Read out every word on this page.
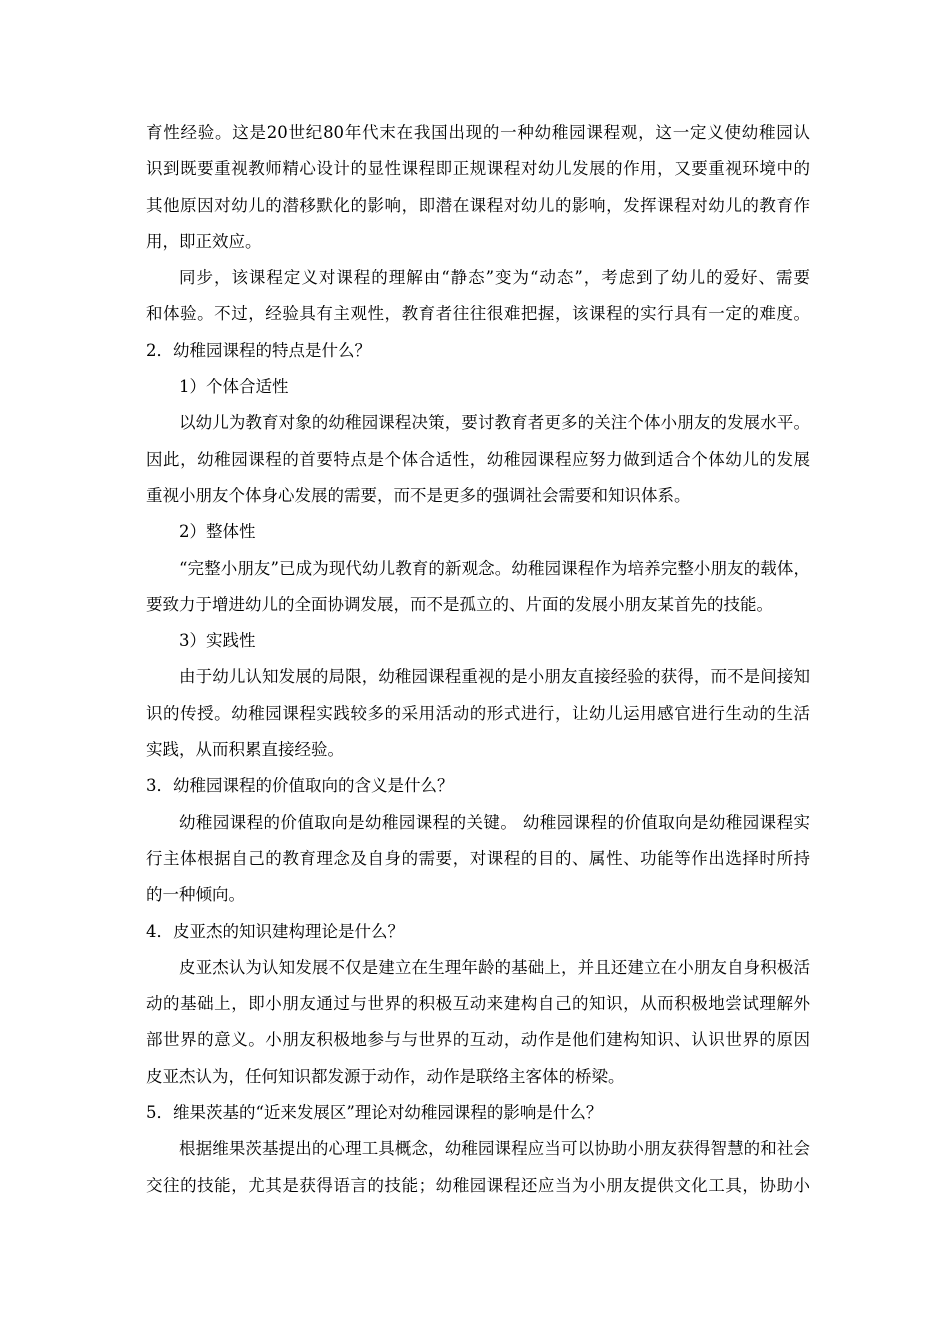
育性经验。这是20世纪80年代末在我国出现的一种幼稚园课程观，这一定义使幼稚园认
识到既要重视教师精心设计的显性课程即正规课程对幼儿发展的作用，又要重视环境中的
其他原因对幼儿的潜移默化的影响，即潜在课程对幼儿的影响，发挥课程对幼儿的教育作
用，即正效应。
同步，该课程定义对课程的理解由“静态”变为“动态”，考虑到了幼儿的爱好、需要
和体验。不过，经验具有主观性，教育者往往很难把握，该课程的实行具有一定的难度。
2．幼稚园课程的特点是什么？
1）个体合适性
以幼儿为教育对象的幼稚园课程决策，要讨教育者更多的关注个体小朋友的发展水平。
因此，幼稚园课程的首要特点是个体合适性，幼稚园课程应努力做到适合个体幼儿的发展
重视小朋友个体身心发展的需要，而不是更多的强调社会需要和知识体系。
2）整体性
“完整小朋友”已成为现代幼儿教育的新观念。幼稚园课程作为培养完整小朋友的载体，
要致力于增进幼儿的全面协调发展，而不是孤立的、片面的发展小朋友某首先的技能。
3）实践性
由于幼儿认知发展的局限，幼稚园课程重视的是小朋友直接经验的获得，而不是间接知
识的传授。幼稚园课程实践较多的采用活动的形式进行，让幼儿运用感官进行生动的生活
实践，从而积累直接经验。
3．幼稚园课程的价值取向的含义是什么？
幼稚园课程的价值取向是幼稚园课程的关键。 幼稚园课程的价值取向是幼稚园课程实
行主体根据自己的教育理念及自身的需要，对课程的目的、属性、功能等作出选择时所持
的一种倾向。
4．皮亚杰的知识建构理论是什么？
皮亚杰认为认知发展不仅是建立在生理年龄的基础上，并且还建立在小朋友自身积极活
动的基础上，即小朋友通过与世界的积极互动来建构自己的知识，从而积极地尝试理解外
部世界的意义。小朋友积极地参与与世界的互动，动作是他们建构知识、认识世界的原因
皮亚杰认为，任何知识都发源于动作，动作是联络主客体的桥梁。
5．维果茨基的“近来发展区”理论对幼稚园课程的影响是什么？
根据维果茨基提出的心理工具概念，幼稚园课程应当可以协助小朋友获得智慧的和社会
交往的技能，尤其是获得语言的技能；幼稚园课程还应当为小朋友提供文化工具，协助小
